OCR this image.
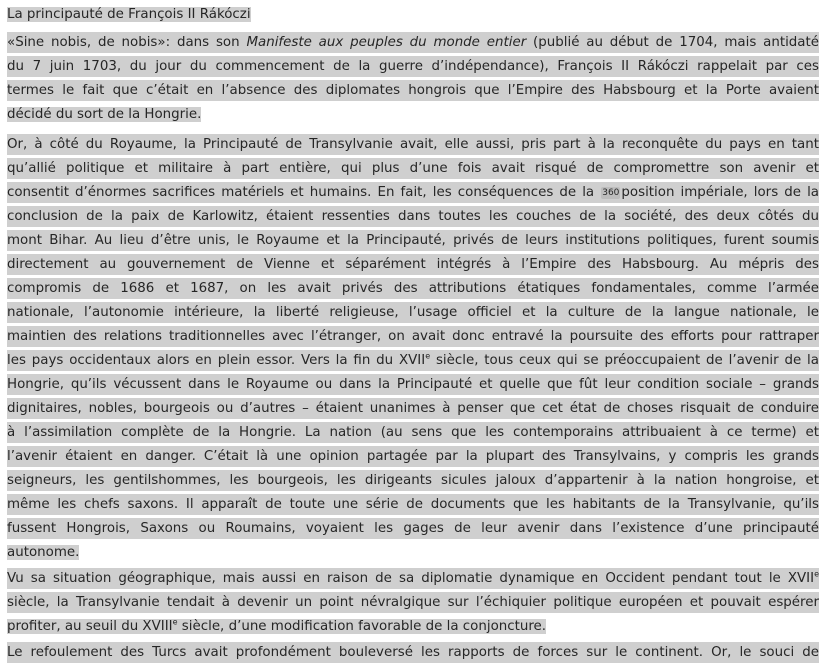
La principauté de François II Rákóczi
«Sine nobis, de nobis»: dans son Manifeste aux peuples du monde entier (publié au début de 1704, mais antidaté
du 7 juin 1703, du jour du commencement de la guerre d’indépendance), François II Rákóczi rappelait par ces
termes le fait que c’était en l’absence des diplomates hongrois que l’Empire des Habsbourg et la Porte avaient
décidé du sort de la Hongrie.
Or, à côté du Royaume, la Principauté de Transylvanie avait, elle aussi, pris part à la reconquête du pays en tant
qu’allié politique et militaire à part entière, qui plus d’une fois avait risqué de compromettre son avenir et
consentit d’énormes sacrifices matériels et humains. En fait, les conséquences de la 360 position impériale, lors de la
conclusion de la paix de Karlowitz, étaient ressenties dans toutes les couches de la société, des deux côtés du
mont Bihar. Au lieu d’être unis, le Royaume et la Principauté, privés de leurs institutions politiques, furent soumis
directement au gouvernement de Vienne et séparément intégrés à l’Empire des Habsbourg. Au mépris des
compromis de 1686 et 1687, on les avait privés des attributions étatiques fondamentales, comme l’armée
nationale, l’autonomie intérieure, la liberté religieuse, l’usage officiel et la culture de la langue nationale, le
maintien des relations traditionnelles avec l’étranger, on avait donc entravé la poursuite des efforts pour rattraper
les pays occidentaux alors en plein essor. Vers la fin du XVIIe siècle, tous ceux qui se préoccupaient de l’avenir de la
Hongrie, qu’ils vécussent dans le Royaume ou dans la Principauté et quelle que fût leur condition sociale – grands
dignitaires, nobles, bourgeois ou d’autres – étaient unanimes à penser que cet état de choses risquait de conduire
à l’assimilation complète de la Hongrie. La nation (au sens que les contemporains attribuaient à ce terme) et
l’avenir étaient en danger. C’était là une opinion partagée par la plupart des Transylvains, y compris les grands
seigneurs, les gentilshommes, les bourgeois, les dirigeants sicules jaloux d’appartenir à la nation hongroise, et
même les chefs saxons. Il apparaît de toute une série de documents que les habitants de la Transylvanie, qu’ils
fussent Hongrois, Saxons ou Roumains, voyaient les gages de leur avenir dans l’existence d’une principauté
autonome.
Vu sa situation géographique, mais aussi en raison de sa diplomatie dynamique en Occident pendant tout le XVIIe
siècle, la Transylvanie tendait à devenir un point névralgique sur l’échiquier politique européen et pouvait espérer
profiter, au seuil du XVIIIe siècle, d’une modification favorable de la conjoncture.
Le refoulement des Turcs avait profondément bouleversé les rapports de forces sur le continent. Or, le souci de
